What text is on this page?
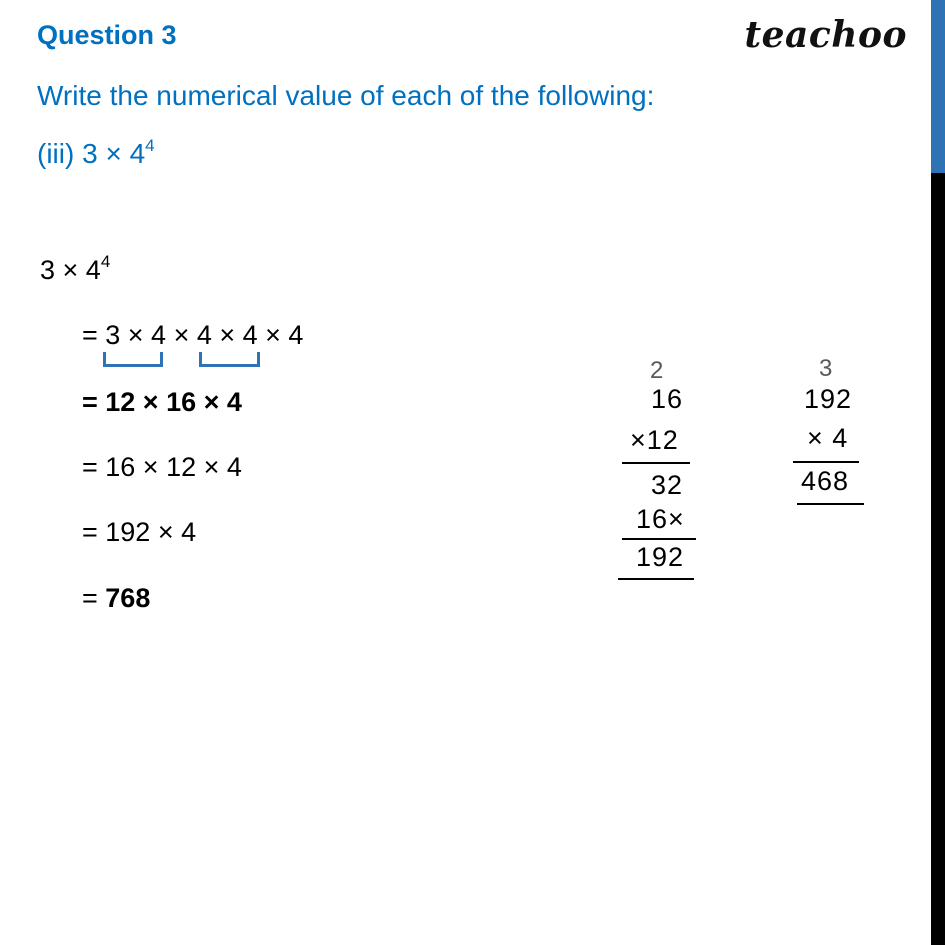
Question 3	teachoo
Write the numerical value of each of the following:
(iii) $3 \times 4^4$
$3 \times 4^4$
= 3 × 4 × 4 × 4 × 4
= 12 × 16 × 4
= 16 × 12 × 4
= 192 × 4
= 768
2
16
×12
32
16×
192
3
192
× 4
468
